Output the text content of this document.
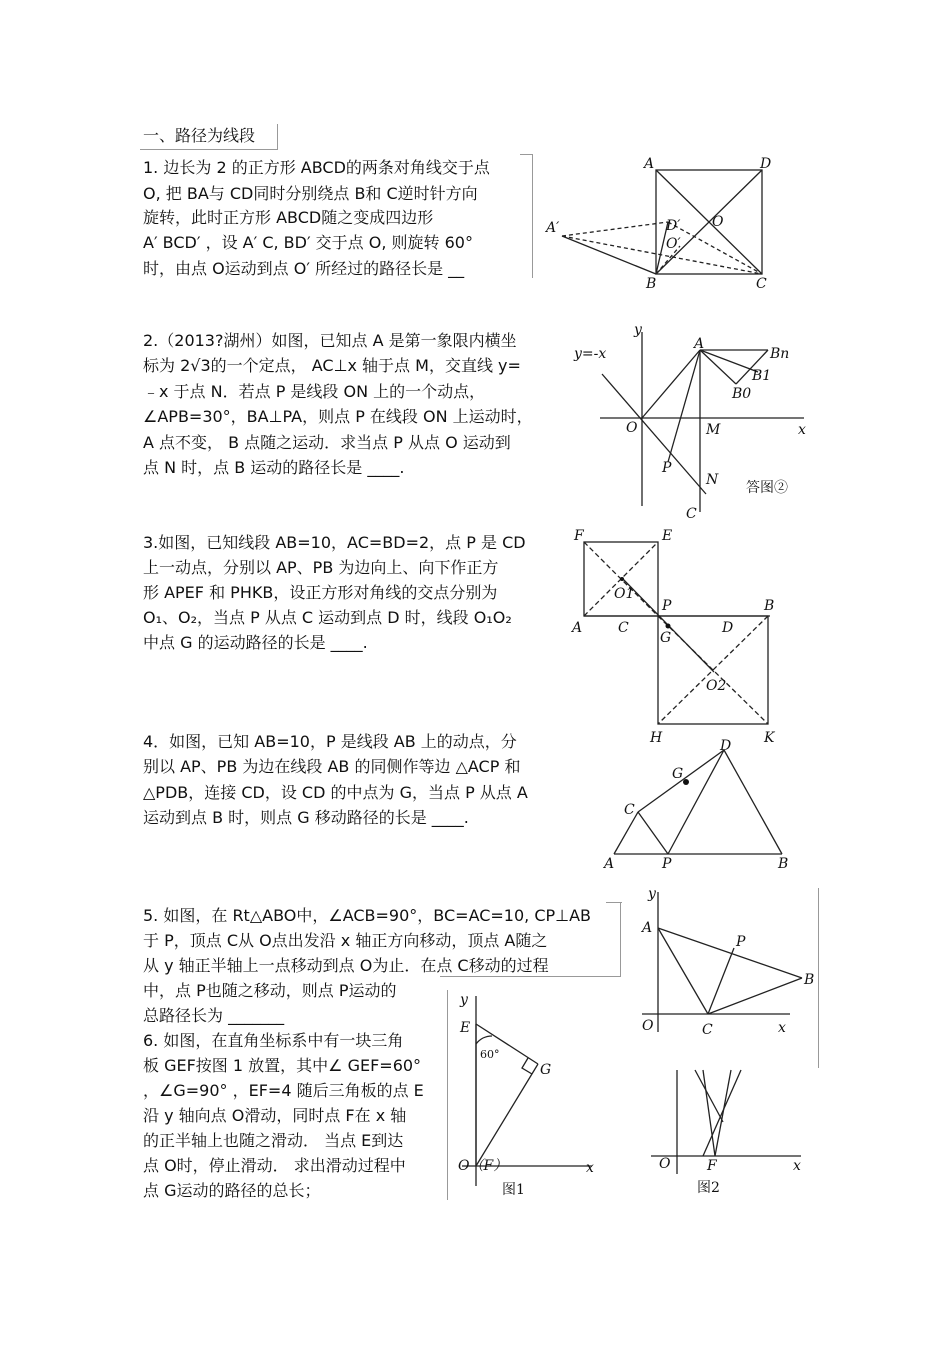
一、路径为线段
1. 边长为 2 的正方形 ABCD的两条对角线交于点
O, 把 BA与 CD同时分别绕点 B和 C逆时针方向
旋转，此时正方形 ABCD随之变成四边形
A′ BCD′ ，设 A′ C, BD′ 交于点 O, 则旋转 60°
时，由点 O运动到点 O′ 所经过的路径长是 __
A	D
A′	D′ O
O′
B	C
2.（2013?湖州）如图，已知点 A 是第一象限内横坐
标为 2√3的一个定点， AC⊥x 轴于点 M，交直线 y=
﹣x 于点 N．若点 P 是线段 ON 上的一个动点，
∠APB=30°，BA⊥PA，则点 P 在线段 ON 上运动时，
A 点不变， B 点随之运动．求当点 P 从点 O 运动到
点 N 时，点 B 运动的路径长是 ____.
y
y=-x
A
Bn
B1
B0
O	M	x
P
N
C
答图②
3.如图，已知线段 AB=10，AC=BD=2，点 P 是 CD
上一动点，分别以 AP、PB 为边向上、向下作正方
形 APEF 和 PHKB，设正方形对角线的交点分别为
O₁、O₂，当点 P 从点 C 运动到点 D 时，线段 O₁O₂
中点 G 的运动路径的长是 ____.
F	E
O1
A	C
P
G
D
B
O2
H	K
4．如图，已知 AB=10，P 是线段 AB 上的动点，分
别以 AP、PB 为边在线段 AB 的同侧作等边 △ACP 和
△PDB，连接 CD，设 CD 的中点为 G，当点 P 从点 A
运动到点 B 时，则点 G 移动路径的长是 ____.
D
G
C
A	P	B
5. 如图，在 Rt△ABO中，∠ACB=90°，BC=AC=10, CP⊥AB
于 P，顶点 C从 O点出发沿 x 轴正方向移动，顶点 A随之
从 y 轴正半轴上一点移动到点 O为止．在点 C移动的过程
中，点 P也随之移动，则点 P运动的
总路径长为 _______
y
A
P
B
O	C	x
6. 如图，在直角坐标系中有一块三角
板 GEF按图 1 放置，其中∠ GEF=60°
，∠G=90° ，EF=4 随后三角板的点 E
沿 y 轴向点 O滑动，同时点 F在 x 轴
的正半轴上也随之滑动． 当点 E到达
点 O时，停止滑动． 求出滑动过程中
点 G运动的路径的总长；
y
E
60°
G
O（F）	x
图1
O	F	x
图2
